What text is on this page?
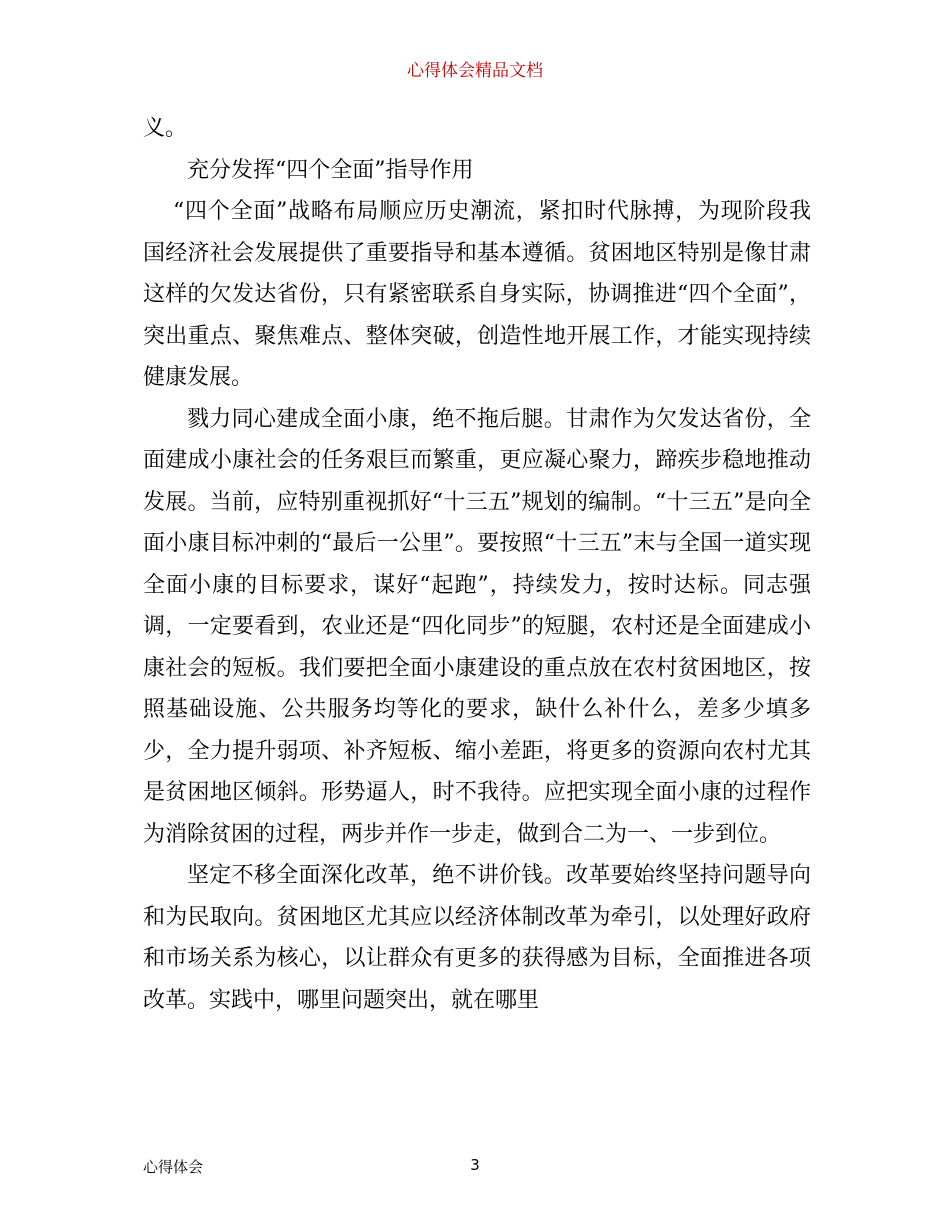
心得体会精品文档

义。

充分发挥“四个全面”指导作用

“四个全面”战略布局顺应历史潮流，紧扣时代脉搏，为现阶段我国经济社会发展提供了重要指导和基本遵循。贫困地区特别是像甘肃这样的欠发达省份，只有紧密联系自身实际，协调推进“四个全面”，突出重点、聚焦难点、整体突破，创造性地开展工作，才能实现持续健康发展。

戮力同心建成全面小康，绝不拖后腿。甘肃作为欠发达省份，全面建成小康社会的任务艰巨而繁重，更应凝心聚力，蹄疾步稳地推动发展。当前，应特别重视抓好“十三五”规划的编制。“十三五”是向全面小康目标冲刺的“最后一公里”。要按照“十三五”末与全国一道实现全面小康的目标要求，谋好“起跑”，持续发力，按时达标。同志强调，一定要看到，农业还是“四化同步”的短腿，农村还是全面建成小康社会的短板。我们要把全面小康建设的重点放在农村贫困地区，按照基础设施、公共服务均等化的要求，缺什么补什么，差多少填多少，全力提升弱项、补齐短板、缩小差距，将更多的资源向农村尤其是贫困地区倾斜。形势逼人，时不我待。应把实现全面小康的过程作为消除贫困的过程，两步并作一步走，做到合二为一、一步到位。

坚定不移全面深化改革，绝不讲价钱。改革要始终坚持问题导向和为民取向。贫困地区尤其应以经济体制改革为牵引，以处理好政府和市场关系为核心，以让群众有更多的获得感为目标，全面推进各项改革。实践中，哪里问题突出，就在哪里

心得体会	3
